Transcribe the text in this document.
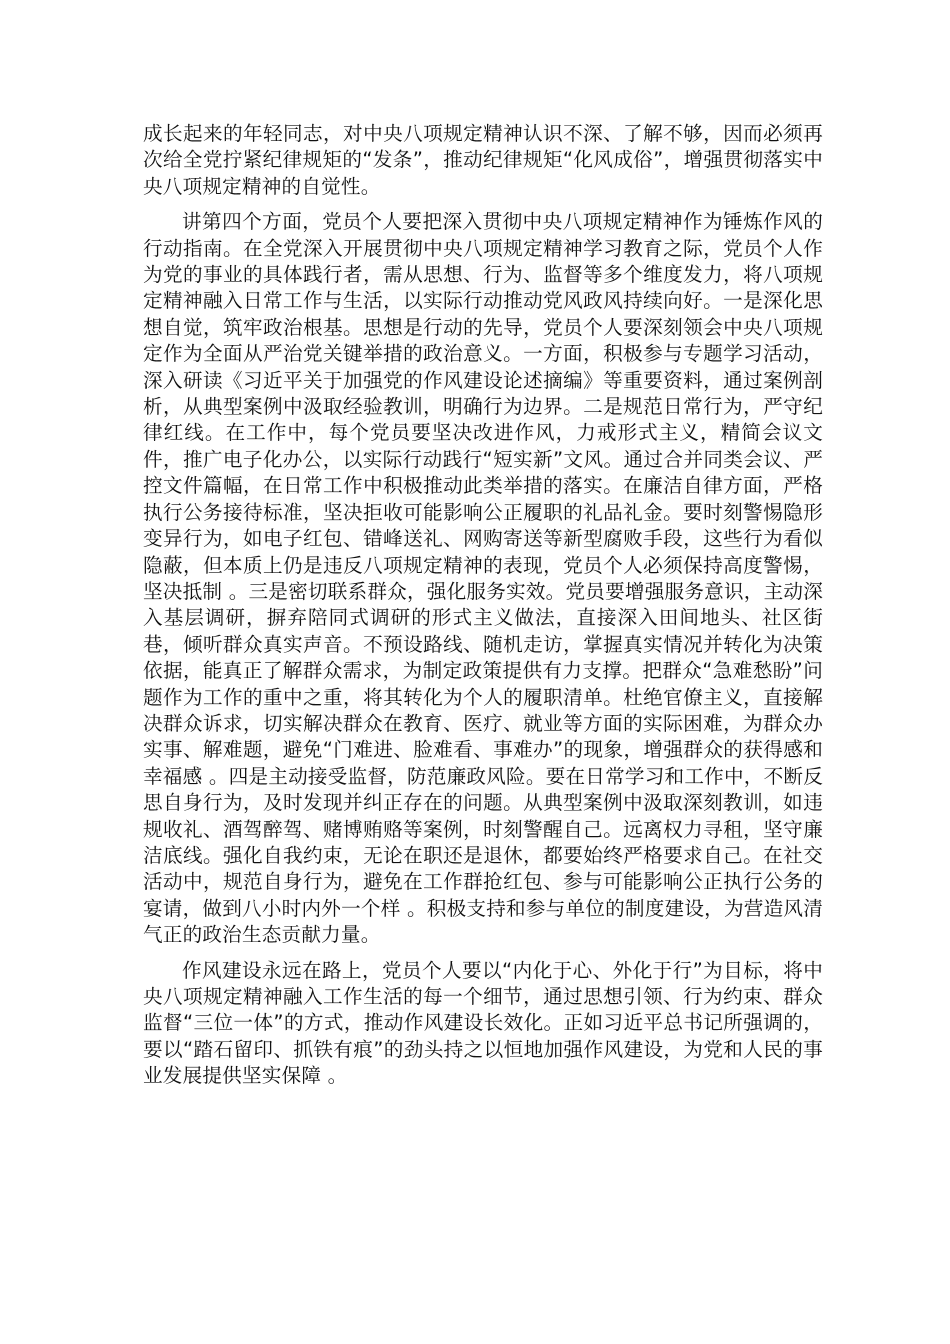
成长起来的年轻同志，对中央八项规定精神认识不深、了解不够，因而必须再次给全党拧紧纪律规矩的“发条”，推动纪律规矩“化风成俗”，增强贯彻落实中央八项规定精神的自觉性。

讲第四个方面，党员个人要把深入贯彻中央八项规定精神作为锤炼作风的行动指南。在全党深入开展贯彻中央八项规定精神学习教育之际，党员个人作为党的事业的具体践行者，需从思想、行为、监督等多个维度发力，将八项规定精神融入日常工作与生活，以实际行动推动党风政风持续向好。一是深化思想自觉，筑牢政治根基。思想是行动的先导，党员个人要深刻领会中央八项规定作为全面从严治党关键举措的政治意义。一方面，积极参与专题学习活动，深入研读《习近平关于加强党的作风建设论述摘编》等重要资料，通过案例剖析，从典型案例中汲取经验教训，明确行为边界。二是规范日常行为，严守纪律红线。在工作中，每个党员要坚决改进作风，力戒形式主义，精简会议文件，推广电子化办公，以实际行动践行“短实新”文风。通过合并同类会议、严控文件篇幅，在日常工作中积极推动此类举措的落实。在廉洁自律方面，严格执行公务接待标准，坚决拒收可能影响公正履职的礼品礼金。要时刻警惕隐形变异行为，如电子红包、错峰送礼、网购寄送等新型腐败手段，这些行为看似隐蔽，但本质上仍是违反八项规定精神的表现，党员个人必须保持高度警惕，坚决抵制 。三是密切联系群众，强化服务实效。党员要增强服务意识，主动深入基层调研，摒弃陪同式调研的形式主义做法，直接深入田间地头、社区街巷，倾听群众真实声音。不预设路线、随机走访，掌握真实情况并转化为决策依据，能真正了解群众需求，为制定政策提供有力支撑。把群众“急难愁盼”问题作为工作的重中之重，将其转化为个人的履职清单。杜绝官僚主义，直接解决群众诉求，切实解决群众在教育、医疗、就业等方面的实际困难，为群众办实事、解难题，避免“门难进、脸难看、事难办”的现象，增强群众的获得感和幸福感 。四是主动接受监督，防范廉政风险。要在日常学习和工作中，不断反思自身行为，及时发现并纠正存在的问题。从典型案例中汲取深刻教训，如违规收礼、酒驾醉驾、赌博贿赂等案例，时刻警醒自己。远离权力寻租，坚守廉洁底线。强化自我约束，无论在职还是退休，都要始终严格要求自己。在社交活动中，规范自身行为，避免在工作群抢红包、参与可能影响公正执行公务的宴请，做到八小时内外一个样 。积极支持和参与单位的制度建设，为营造风清气正的政治生态贡献力量。

作风建设永远在路上，党员个人要以“内化于心、外化于行”为目标，将中央八项规定精神融入工作生活的每一个细节，通过思想引领、行为约束、群众监督“三位一体”的方式，推动作风建设长效化。正如习近平总书记所强调的，要以“踏石留印、抓铁有痕”的劲头持之以恒地加强作风建设，为党和人民的事业发展提供坚实保障 。
